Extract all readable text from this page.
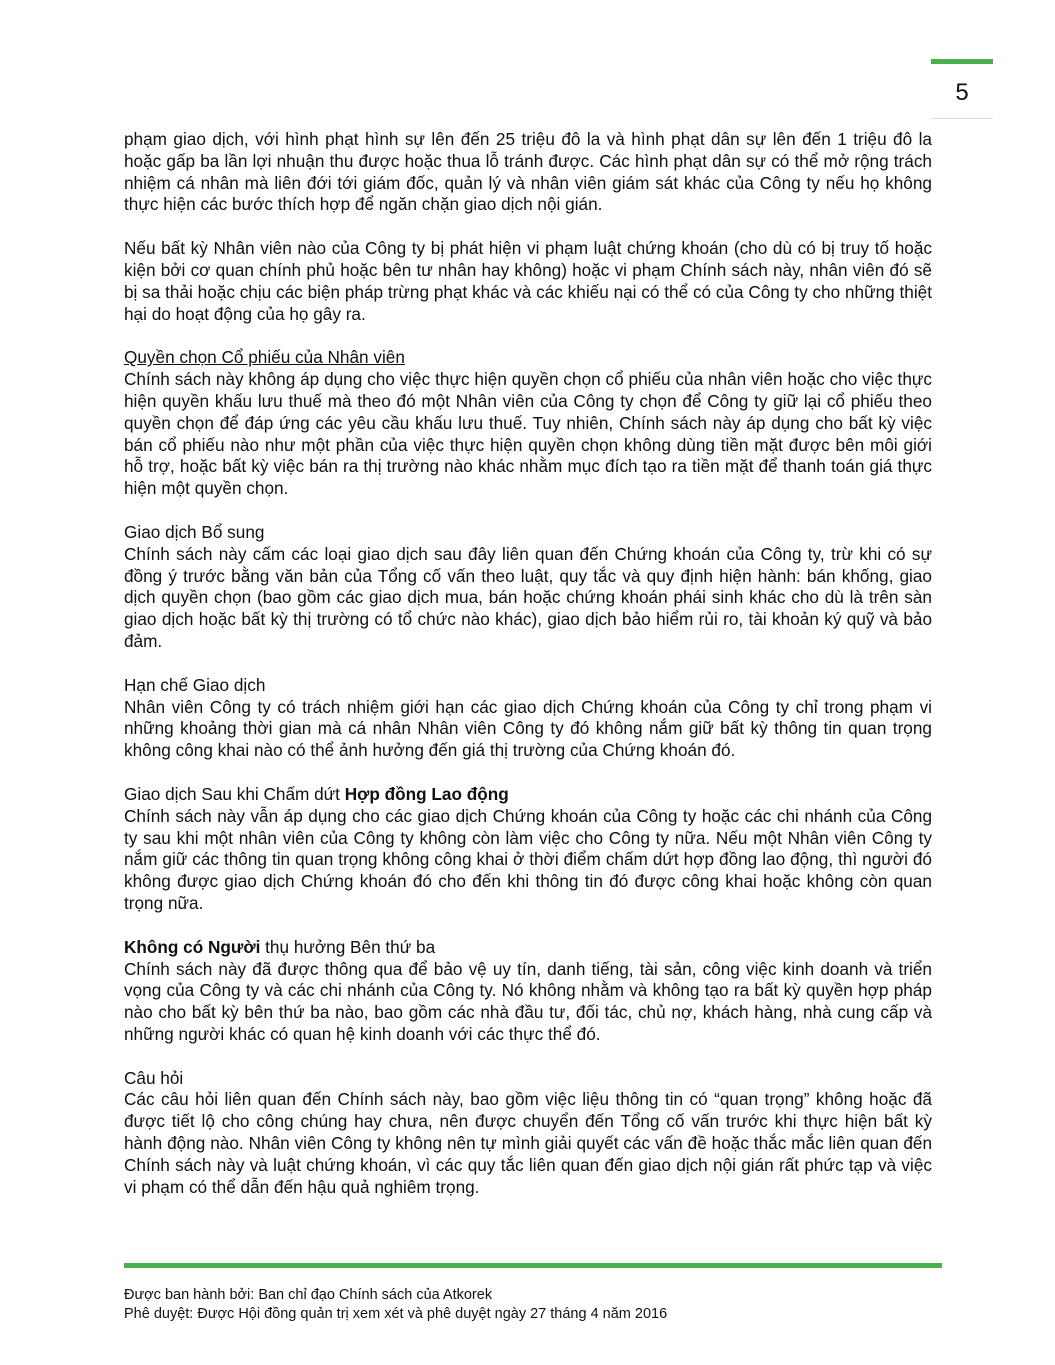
5

phạm giao dịch, với hình phạt hình sự lên đến 25 triệu đô la và hình phạt dân sự lên đến 1 triệu đô la hoặc gấp ba lần lợi nhuận thu được hoặc thua lỗ tránh được. Các hình phạt dân sự có thể mở rộng trách nhiệm cá nhân mà liên đới tới giám đốc, quản lý và nhân viên giám sát khác của Công ty nếu họ không thực hiện các bước thích hợp để ngăn chặn giao dịch nội gián.

Nếu bất kỳ Nhân viên nào của Công ty bị phát hiện vi phạm luật chứng khoán (cho dù có bị truy tố hoặc kiện bởi cơ quan chính phủ hoặc bên tư nhân hay không) hoặc vi phạm Chính sách này, nhân viên đó sẽ bị sa thải hoặc chịu các biện pháp trừng phạt khác và các khiếu nại có thể có của Công ty cho những thiệt hại do hoạt động của họ gây ra.

Quyền chọn Cổ phiếu của Nhân viên
Chính sách này không áp dụng cho việc thực hiện quyền chọn cổ phiếu của nhân viên hoặc cho việc thực hiện quyền khấu lưu thuế mà theo đó một Nhân viên của Công ty chọn để Công ty giữ lại cổ phiếu theo quyền chọn để đáp ứng các yêu cầu khấu lưu thuế. Tuy nhiên, Chính sách này áp dụng cho bất kỳ việc bán cổ phiếu nào như một phần của việc thực hiện quyền chọn không dùng tiền mặt được bên môi giới hỗ trợ, hoặc bất kỳ việc bán ra thị trường nào khác nhằm mục đích tạo ra tiền mặt để thanh toán giá thực hiện một quyền chọn.

Giao dịch Bổ sung
Chính sách này cấm các loại giao dịch sau đây liên quan đến Chứng khoán của Công ty, trừ khi có sự đồng ý trước bằng văn bản của Tổng cố vấn theo luật, quy tắc và quy định hiện hành: bán khống, giao dịch quyền chọn (bao gồm các giao dịch mua, bán hoặc chứng khoán phái sinh khác cho dù là trên sàn giao dịch hoặc bất kỳ thị trường có tổ chức nào khác), giao dịch bảo hiểm rủi ro, tài khoản ký quỹ và bảo đảm.

Hạn chế Giao dịch
Nhân viên Công ty có trách nhiệm giới hạn các giao dịch Chứng khoán của Công ty chỉ trong phạm vi những khoảng thời gian mà cá nhân Nhân viên Công ty đó không nắm giữ bất kỳ thông tin quan trọng không công khai nào có thể ảnh hưởng đến giá thị trường của Chứng khoán đó.

Giao dịch Sau khi Chấm dứt Hợp đồng Lao động
Chính sách này vẫn áp dụng cho các giao dịch Chứng khoán của Công ty hoặc các chi nhánh của Công ty sau khi một nhân viên của Công ty không còn làm việc cho Công ty nữa. Nếu một Nhân viên Công ty nắm giữ các thông tin quan trọng không công khai ở thời điểm chấm dứt hợp đồng lao động, thì người đó không được giao dịch Chứng khoán đó cho đến khi thông tin đó được công khai hoặc không còn quan trọng nữa.

Không có Người thụ hưởng Bên thứ ba
Chính sách này đã được thông qua để bảo vệ uy tín, danh tiếng, tài sản, công việc kinh doanh và triển vọng của Công ty và các chi nhánh của Công ty. Nó không nhằm và không tạo ra bất kỳ quyền hợp pháp nào cho bất kỳ bên thứ ba nào, bao gồm các nhà đầu tư, đối tác, chủ nợ, khách hàng, nhà cung cấp và những người khác có quan hệ kinh doanh với các thực thể đó.

Câu hỏi
Các câu hỏi liên quan đến Chính sách này, bao gồm việc liệu thông tin có “quan trọng” không hoặc đã được tiết lộ cho công chúng hay chưa, nên được chuyển đến Tổng cố vấn trước khi thực hiện bất kỳ hành động nào. Nhân viên Công ty không nên tự mình giải quyết các vấn đề hoặc thắc mắc liên quan đến Chính sách này và luật chứng khoán, vì các quy tắc liên quan đến giao dịch nội gián rất phức tạp và việc vi phạm có thể dẫn đến hậu quả nghiêm trọng.

Được ban hành bởi: Ban chỉ đạo Chính sách của Atkorek
Phê duyệt: Được Hội đồng quản trị xem xét và phê duyệt ngày 27 tháng 4 năm 2016
